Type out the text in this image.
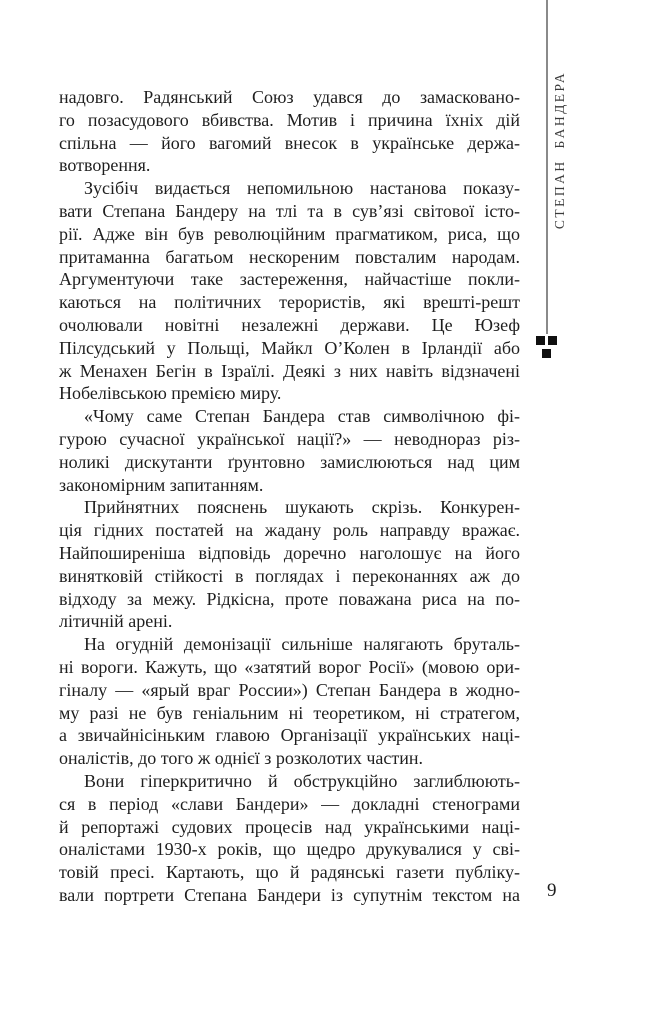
надовго. Радянський Союз удався до замасковано-
го позасудового вбивства. Мотив і причина їхніх дій
спільна — його вагомий внесок в українське держа-
вотворення.
Зусібіч видається непомильною настанова показу-
вати Степана Бандеру на тлі та в сув’язі світової істо-
рії. Адже він був революційним прагматиком, риса, що
притаманна багатьом нескореним повсталим народам.
Аргументуючи таке застереження, найчастіше покли-
каються на політичних терористів, які врешті-решт
очолювали новітні незалежні держави. Це Юзеф
Пілсудський у Польщі, Майкл О’Колен в Ірландії або
ж Менахен Бегін в Ізраїлі. Деякі з них навіть відзначені
Нобелівською премією миру.
«Чому саме Степан Бандера став символічною фі-
гурою сучасної української нації?» — неводнораз різ-
ноликі дискутанти ґрунтовно замислюються над цим
закономірним запитанням.
Прийнятних пояснень шукають скрізь. Конкурен-
ція гідних постатей на жадану роль направду вражає.
Найпоширеніша відповідь доречно наголошує на його
винятковій стійкості в поглядах і переконаннях аж до
відходу за межу. Рідкісна, проте поважана риса на по-
літичній арені.
На огудній демонізації сильніше налягають бруталь-
ні вороги. Кажуть, що «затятий ворог Росії» (мовою ори-
гіналу — «ярый враг России») Степан Бандера в жодно-
му разі не був геніальним ні теоретиком, ні стратегом,
а звичайнісіньким главою Організації українських наці-
оналістів, до того ж однієї з розколотих частин.
Вони гіперкритично й обструкційно заглиблюють-
ся в період «слави Бандери» — докладні стенограми
й репортажі судових процесів над українськими наці-
оналістами 1930-х років, що щедро друкувалися у сві-
товій пресі. Картають, що й радянські газети публіку-
вали портрети Степана Бандери із супутнім текстом на
СТЕПАН БАНДЕРА
9
